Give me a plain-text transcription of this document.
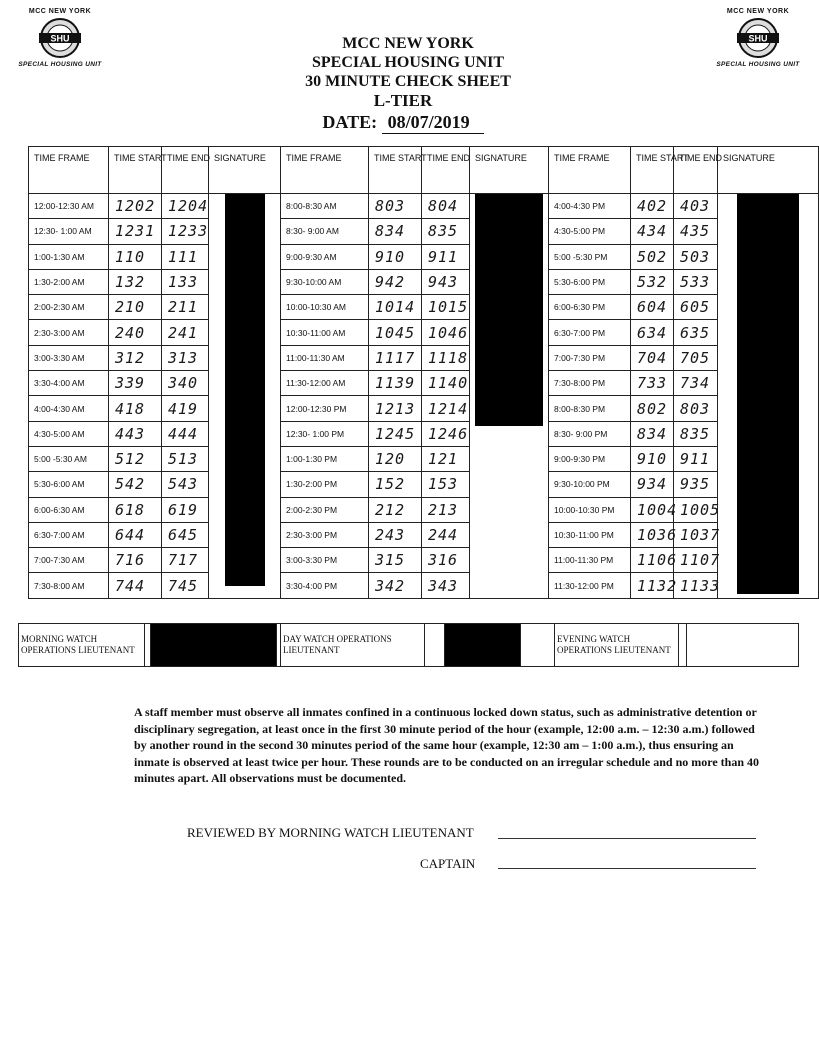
MCC NEW YORK
SHU
SPECIAL HOUSING UNIT
MCC NEW YORK
SHU
SPECIAL HOUSING UNIT
MCC NEW YORK
SPECIAL HOUSING UNIT
30 MINUTE CHECK SHEET
L-TIER
DATE: 08/07/2019
TIME FRAME	TIME START	TIME END	SIGNATURE	TIME FRAME	TIME START	TIME END	SIGNATURE	TIME FRAME	TIME START	TIME END	SIGNATURE
12:00-12:30 AM	1202	1204		8:00-8:30 AM	803	804		4:00-4:30 PM	402	403	

12:30- 1:00 AM	1231	1233		8:30- 9:00 AM	834	835		4:30-5:00 PM	434	435	
1:00-1:30 AM	110	111		9:00-9:30 AM	910	911		5:00 -5:30 PM	502	503	
1:30-2:00 AM	132	133		9:30-10:00 AM	942	943		5:30-6:00 PM	532	533	
2:00-2:30 AM	210	211		10:00-10:30 AM	1014	1015		6:00-6:30 PM	604	605	
2:30-3:00 AM	240	241		10:30-11:00 AM	1045	1046		6:30-7:00 PM	634	635	
3:00-3:30 AM	312	313		11:00-11:30 AM	1117	1118		7:00-7:30 PM	704	705	
3:30-4:00 AM	339	340		11:30-12:00 AM	1139	1140		7:30-8:00 PM	733	734	
4:00-4:30 AM	418	419		12:00-12:30 PM	1213	1214		8:00-8:30 PM	802	803	
4:30-5:00 AM	443	444		12:30- 1:00 PM	1245	1246		8:30- 9:00 PM	834	835	
5:00 -5:30 AM	512	513		1:00-1:30 PM	120	121		9:00-9:30 PM	910	911	
5:30-6:00 AM	542	543		1:30-2:00 PM	152	153		9:30-10:00 PM	934	935	
6:00-6:30 AM	618	619		2:00-2:30 PM	212	213		10:00-10:30 PM	1004	1005	
6:30-7:00 AM	644	645		2:30-3:00 PM	243	244		10:30-11:00 PM	1036	1037	
7:00-7:30 AM	716	717		3:00-3:30 PM	315	316		11:00-11:30 PM	1106	1107	
7:30-8:00 AM	744	745		3:30-4:00 PM	342	343		11:30-12:00 PM	1132	1133	
MORNING WATCH OPERATIONS LIEUTENANT				DAY WATCH OPERATIONS LIEUTENANT				EVENING WATCH OPERATIONS LIEUTENANT		
A staff member must observe all inmates confined in a continuous locked down status, such as administrative detention or disciplinary segregation, at least once in the first 30 minute period of the hour (example, 12:00 a.m. – 12:30 a.m.) followed by another round in the second 30 minutes period of the same hour (example, 12:30 am – 1:00 a.m.), thus ensuring an inmate is observed at least twice per hour. These rounds are to be conducted on an irregular schedule and no more than 40 minutes apart. All observations must be documented.
REVIEWED BY MORNING WATCH LIEUTENANT
CAPTAIN
